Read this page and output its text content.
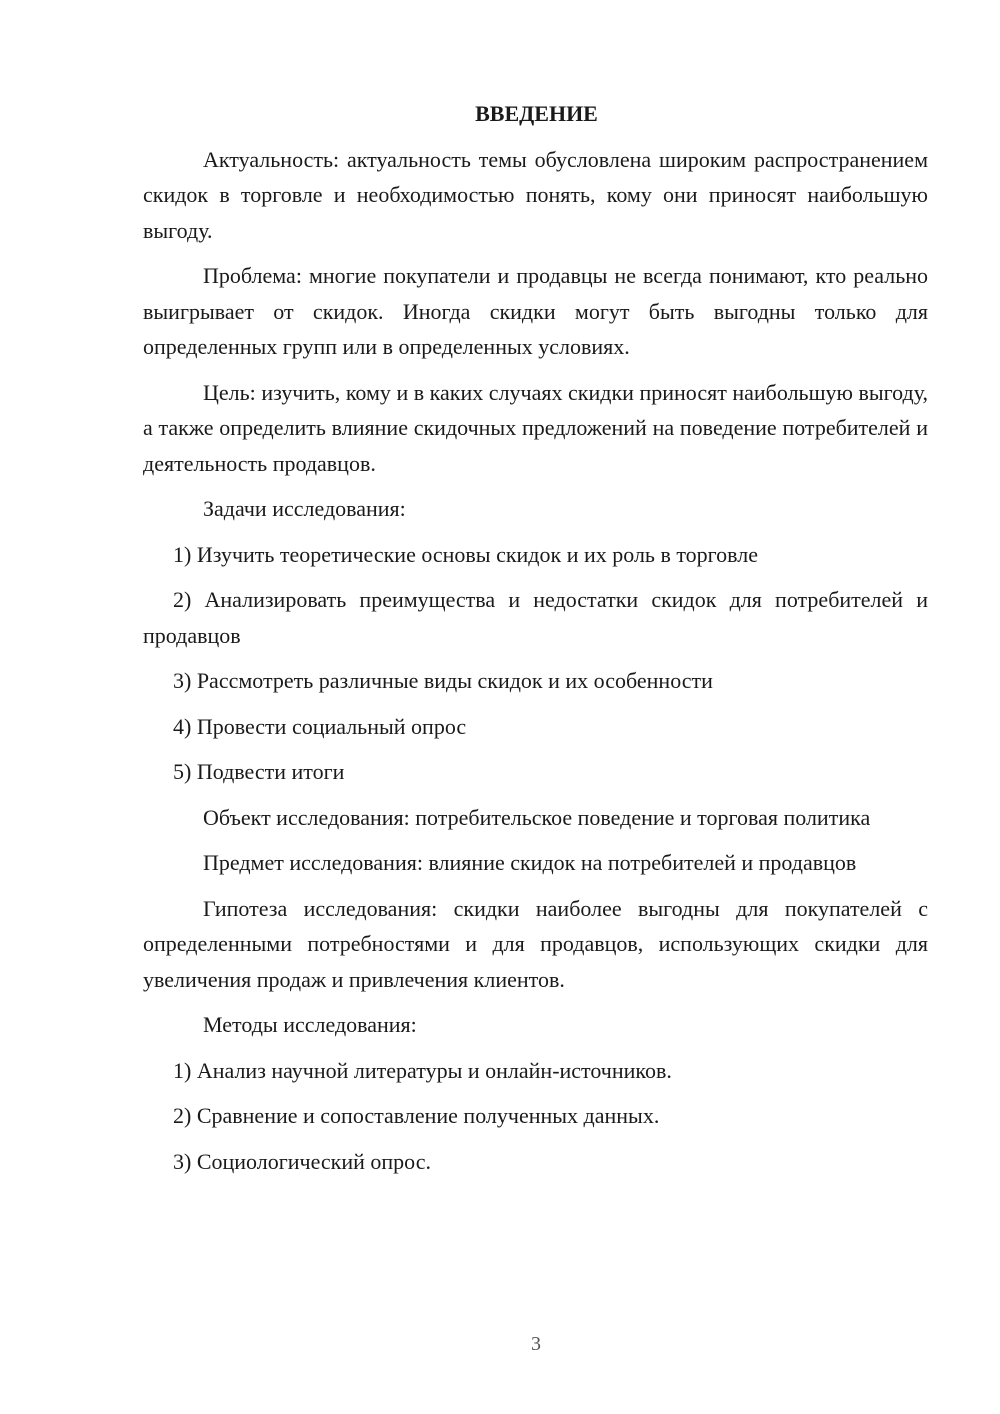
ВВЕДЕНИЕ

Актуальность: актуальность темы обусловлена широким распространением скидок в торговле и необходимостью понять, кому они приносят наибольшую выгоду.

Проблема: многие покупатели и продавцы не всегда понимают, кто реально выигрывает от скидок. Иногда скидки могут быть выгодны только для определенных групп или в определенных условиях.

Цель: изучить, кому и в каких случаях скидки приносят наибольшую выгоду, а также определить влияние скидочных предложений на поведение потребителей и деятельность продавцов.

Задачи исследования:

1) Изучить теоретические основы скидок и их роль в торговле

2) Анализировать преимущества и недостатки скидок для потребителей и продавцов

3) Рассмотреть различные виды скидок и их особенности

4) Провести социальный опрос

5) Подвести итоги

Объект исследования: потребительское поведение и торговая политика

Предмет исследования: влияние скидок на потребителей и продавцов

Гипотеза исследования: скидки наиболее выгодны для покупателей с определенными потребностями и для продавцов, использующих скидки для увеличения продаж и привлечения клиентов.

Методы исследования:

1) Анализ научной литературы и онлайн-источников.

2) Сравнение и сопоставление полученных данных.

3) Социологический опрос.

3
